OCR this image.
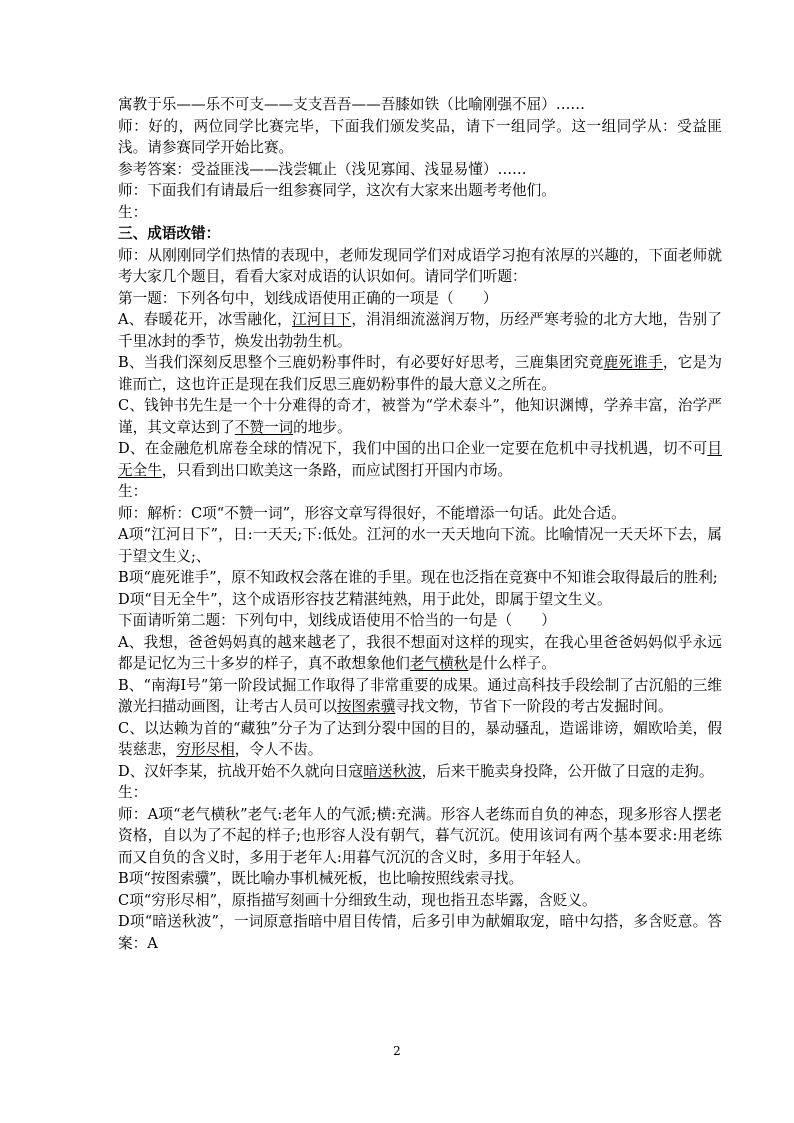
寓教于乐——乐不可支——支支吾吾——吾膝如铁（比喻刚强不屈）……

师：好的，两位同学比赛完毕，下面我们颁发奖品，请下一组同学。这一组同学从：受益匪浅。请参赛同学开始比赛。

参考答案：受益匪浅——浅尝辄止（浅见寡闻、浅显易懂）……

师：下面我们有请最后一组参赛同学，这次有大家来出题考考他们。

生：

三、成语改错：

师：从刚刚同学们热情的表现中，老师发现同学们对成语学习抱有浓厚的兴趣的，下面老师就考大家几个题目，看看大家对成语的认识如何。请同学们听题：

第一题：下列各句中，划线成语使用正确的一项是（　　）

A、春暖花开，冰雪融化，江河日下，涓涓细流滋润万物，历经严寒考验的北方大地，告别了千里冰封的季节，焕发出勃勃生机。

B、当我们深刻反思整个三鹿奶粉事件时，有必要好好思考，三鹿集团究竟鹿死谁手，它是为谁而亡，这也许正是现在我们反思三鹿奶粉事件的最大意义之所在。

C、钱钟书先生是一个十分难得的奇才，被誉为“学术泰斗”，他知识渊博，学养丰富，治学严谨，其文章达到了不赞一词的地步。

D、在金融危机席卷全球的情况下，我们中国的出口企业一定要在危机中寻找机遇，切不可目无全牛，只看到出口欧美这一条路，而应试图打开国内市场。

生：

师：解析：C项“不赞一词”，形容文章写得很好，不能增添一句话。此处合适。

A项“江河日下”，日:一天天;下:低处。江河的水一天天地向下流。比喻情况一天天坏下去，属于望文生义;、

B项“鹿死谁手”，原不知政权会落在谁的手里。现在也泛指在竞赛中不知谁会取得最后的胜利;

D项“目无全牛”，这个成语形容技艺精湛纯熟，用于此处，即属于望文生义。

下面请听第二题：下列句中，划线成语使用不恰当的一句是（　　）

A、我想，爸爸妈妈真的越来越老了，我很不想面对这样的现实，在我心里爸爸妈妈似乎永远都是记忆为三十多岁的样子，真不敢想象他们老气横秋是什么样子。

B、“南海Ⅰ号”第一阶段试掘工作取得了非常重要的成果。通过高科技手段绘制了古沉船的三维激光扫描动画图，让考古人员可以按图索骥寻找文物，节省下一阶段的考古发掘时间。

C、以达赖为首的“藏独”分子为了达到分裂中国的目的，暴动骚乱，造谣诽谤，媚欧哈美，假装慈悲，穷形尽相，令人不齿。

D、汉奸李某，抗战开始不久就向日寇暗送秋波，后来干脆卖身投降，公开做了日寇的走狗。

生：

师：A项“老气横秋”老气:老年人的气派;横:充满。形容人老练而自负的神态，现多形容人摆老资格，自以为了不起的样子;也形容人没有朝气，暮气沉沉。使用该词有两个基本要求:用老练而又自负的含义时，多用于老年人:用暮气沉沉的含义时，多用于年轻人。

B项“按图索骥”，既比喻办事机械死板，也比喻按照线索寻找。

C项“穷形尽相”，原指描写刻画十分细致生动，现也指丑态毕露，含贬义。

D项“暗送秋波”，一词原意指暗中眉目传情，后多引申为献媚取宠，暗中勾搭，多含贬意。答案：A

2
